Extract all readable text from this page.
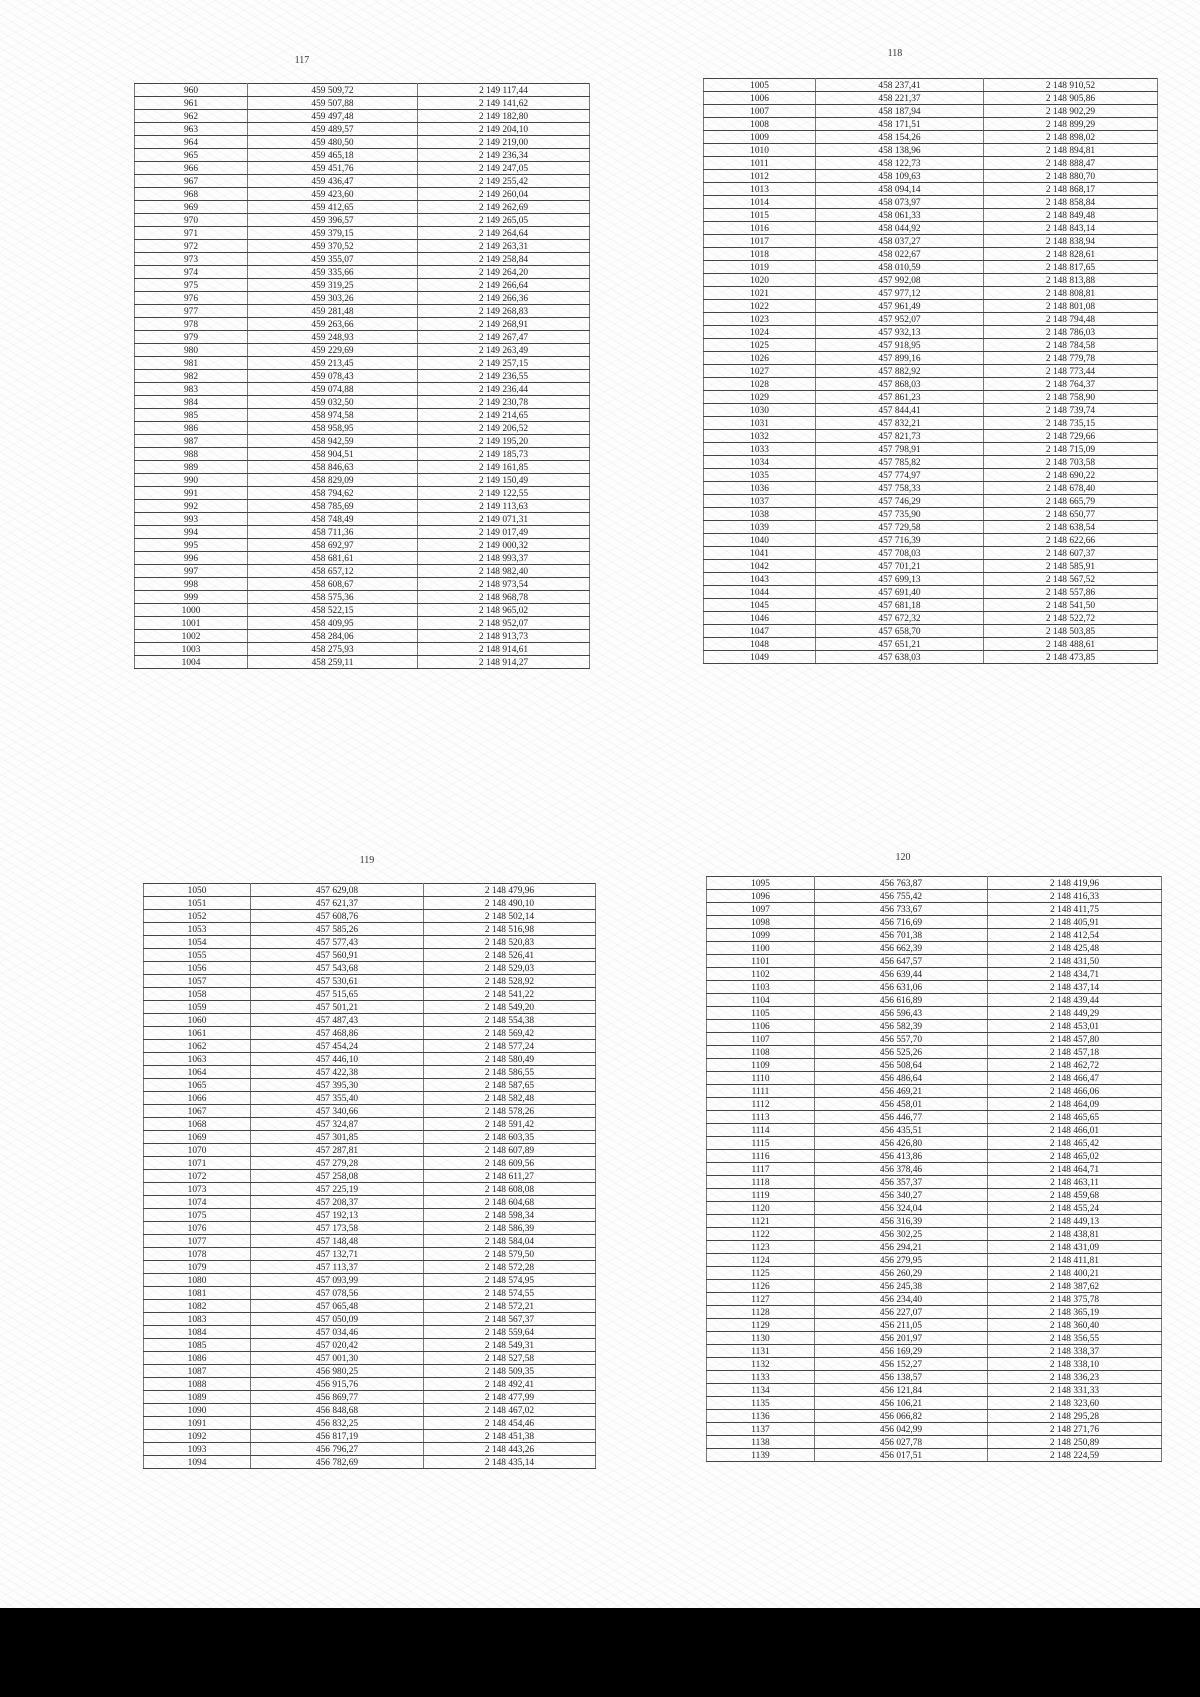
117
960	459 509,72	2 149 117,44
961	459 507,88	2 149 141,62
962	459 497,48	2 149 182,80
963	459 489,57	2 149 204,10
964	459 480,50	2 149 219,00
965	459 465,18	2 149 236,34
966	459 451,76	2 149 247,05
967	459 436,47	2 149 255,42
968	459 423,60	2 149 260,04
969	459 412,65	2 149 262,69
970	459 396,57	2 149 265,05
971	459 379,15	2 149 264,64
972	459 370,52	2 149 263,31
973	459 355,07	2 149 258,84
974	459 335,66	2 149 264,20
975	459 319,25	2 149 266,64
976	459 303,26	2 149 266,36
977	459 281,48	2 149 268,83
978	459 263,66	2 149 268,91
979	459 248,93	2 149 267,47
980	459 229,69	2 149 263,49
981	459 213,45	2 149 257,15
982	459 078,43	2 149 236,55
983	459 074,88	2 149 236,44
984	459 032,50	2 149 230,78
985	458 974,58	2 149 214,65
986	458 958,95	2 149 206,52
987	458 942,59	2 149 195,20
988	458 904,51	2 149 185,73
989	458 846,63	2 149 161,85
990	458 829,09	2 149 150,49
991	458 794,62	2 149 122,55
992	458 785,69	2 149 113,63
993	458 748,49	2 149 071,31
994	458 711,36	2 149 017,49
995	458 692,97	2 149 000,32
996	458 681,61	2 148 993,37
997	458 657,12	2 148 982,40
998	458 608,67	2 148 973,54
999	458 575,36	2 148 968,78
1000	458 522,15	2 148 965,02
1001	458 409,95	2 148 952,07
1002	458 284,06	2 148 913,73
1003	458 275,93	2 148 914,61
1004	458 259,11	2 148 914,27
118
1005	458 237,41	2 148 910,52
1006	458 221,37	2 148 905,86
1007	458 187,94	2 148 902,29
1008	458 171,51	2 148 899,29
1009	458 154,26	2 148 898,02
1010	458 138,96	2 148 894,81
1011	458 122,73	2 148 888,47
1012	458 109,63	2 148 880,70
1013	458 094,14	2 148 868,17
1014	458 073,97	2 148 858,84
1015	458 061,33	2 148 849,48
1016	458 044,92	2 148 843,14
1017	458 037,27	2 148 838,94
1018	458 022,67	2 148 828,61
1019	458 010,59	2 148 817,65
1020	457 992,08	2 148 813,88
1021	457 977,12	2 148 808,81
1022	457 961,49	2 148 801,08
1023	457 952,07	2 148 794,48
1024	457 932,13	2 148 786,03
1025	457 918,95	2 148 784,58
1026	457 899,16	2 148 779,78
1027	457 882,92	2 148 773,44
1028	457 868,03	2 148 764,37
1029	457 861,23	2 148 758,90
1030	457 844,41	2 148 739,74
1031	457 832,21	2 148 735,15
1032	457 821,73	2 148 729,66
1033	457 798,91	2 148 715,09
1034	457 785,82	2 148 703,58
1035	457 774,97	2 148 690,22
1036	457 758,33	2 148 678,40
1037	457 746,29	2 148 665,79
1038	457 735,90	2 148 650,77
1039	457 729,58	2 148 638,54
1040	457 716,39	2 148 622,66
1041	457 708,03	2 148 607,37
1042	457 701,21	2 148 585,91
1043	457 699,13	2 148 567,52
1044	457 691,40	2 148 557,86
1045	457 681,18	2 148 541,50
1046	457 672,32	2 148 522,72
1047	457 658,70	2 148 503,85
1048	457 651,21	2 148 488,61
1049	457 638,03	2 148 473,85
119
1050	457 629,08	2 148 479,96
1051	457 621,37	2 148 490,10
1052	457 608,76	2 148 502,14
1053	457 585,26	2 148 516,98
1054	457 577,43	2 148 520,83
1055	457 560,91	2 148 526,41
1056	457 543,68	2 148 529,03
1057	457 530,61	2 148 528,92
1058	457 515,65	2 148 541,22
1059	457 501,21	2 148 549,20
1060	457 487,43	2 148 554,38
1061	457 468,86	2 148 569,42
1062	457 454,24	2 148 577,24
1063	457 446,10	2 148 580,49
1064	457 422,38	2 148 586,55
1065	457 395,30	2 148 587,65
1066	457 355,40	2 148 582,48
1067	457 340,66	2 148 578,26
1068	457 324,87	2 148 591,42
1069	457 301,85	2 148 603,35
1070	457 287,81	2 148 607,89
1071	457 279,28	2 148 609,56
1072	457 258,08	2 148 611,27
1073	457 225,19	2 148 608,08
1074	457 208,37	2 148 604,68
1075	457 192,13	2 148 598,34
1076	457 173,58	2 148 586,39
1077	457 148,48	2 148 584,04
1078	457 132,71	2 148 579,50
1079	457 113,37	2 148 572,28
1080	457 093,99	2 148 574,95
1081	457 078,56	2 148 574,55
1082	457 065,48	2 148 572,21
1083	457 050,09	2 148 567,37
1084	457 034,46	2 148 559,64
1085	457 020,42	2 148 549,31
1086	457 001,30	2 148 527,58
1087	456 980,25	2 148 509,35
1088	456 915,76	2 148 492,41
1089	456 869,77	2 148 477,99
1090	456 848,68	2 148 467,02
1091	456 832,25	2 148 454,46
1092	456 817,19	2 148 451,38
1093	456 796,27	2 148 443,26
1094	456 782,69	2 148 435,14
120
1095	456 763,87	2 148 419,96
1096	456 755,42	2 148 416,33
1097	456 733,67	2 148 411,75
1098	456 716,69	2 148 405,91
1099	456 701,38	2 148 412,54
1100	456 662,39	2 148 425,48
1101	456 647,57	2 148 431,50
1102	456 639,44	2 148 434,71
1103	456 631,06	2 148 437,14
1104	456 616,89	2 148 439,44
1105	456 596,43	2 148 449,29
1106	456 582,39	2 148 453,01
1107	456 557,70	2 148 457,80
1108	456 525,26	2 148 457,18
1109	456 508,64	2 148 462,72
1110	456 486,64	2 148 466,47
1111	456 469,21	2 148 466,06
1112	456 458,01	2 148 464,09
1113	456 446,77	2 148 465,65
1114	456 435,51	2 148 466,01
1115	456 426,80	2 148 465,42
1116	456 413,86	2 148 465,02
1117	456 378,46	2 148 464,71
1118	456 357,37	2 148 463,11
1119	456 340,27	2 148 459,68
1120	456 324,04	2 148 455,24
1121	456 316,39	2 148 449,13
1122	456 302,25	2 148 438,81
1123	456 294,21	2 148 431,09
1124	456 279,95	2 148 411,81
1125	456 260,29	2 148 400,21
1126	456 245,38	2 148 387,62
1127	456 234,40	2 148 375,78
1128	456 227,07	2 148 365,19
1129	456 211,05	2 148 360,40
1130	456 201,97	2 148 356,55
1131	456 169,29	2 148 338,37
1132	456 152,27	2 148 338,10
1133	456 138,57	2 148 336,23
1134	456 121,84	2 148 331,33
1135	456 106,21	2 148 323,60
1136	456 066,82	2 148 295,28
1137	456 042,99	2 148 271,76
1138	456 027,78	2 148 250,89
1139	456 017,51	2 148 224,59
